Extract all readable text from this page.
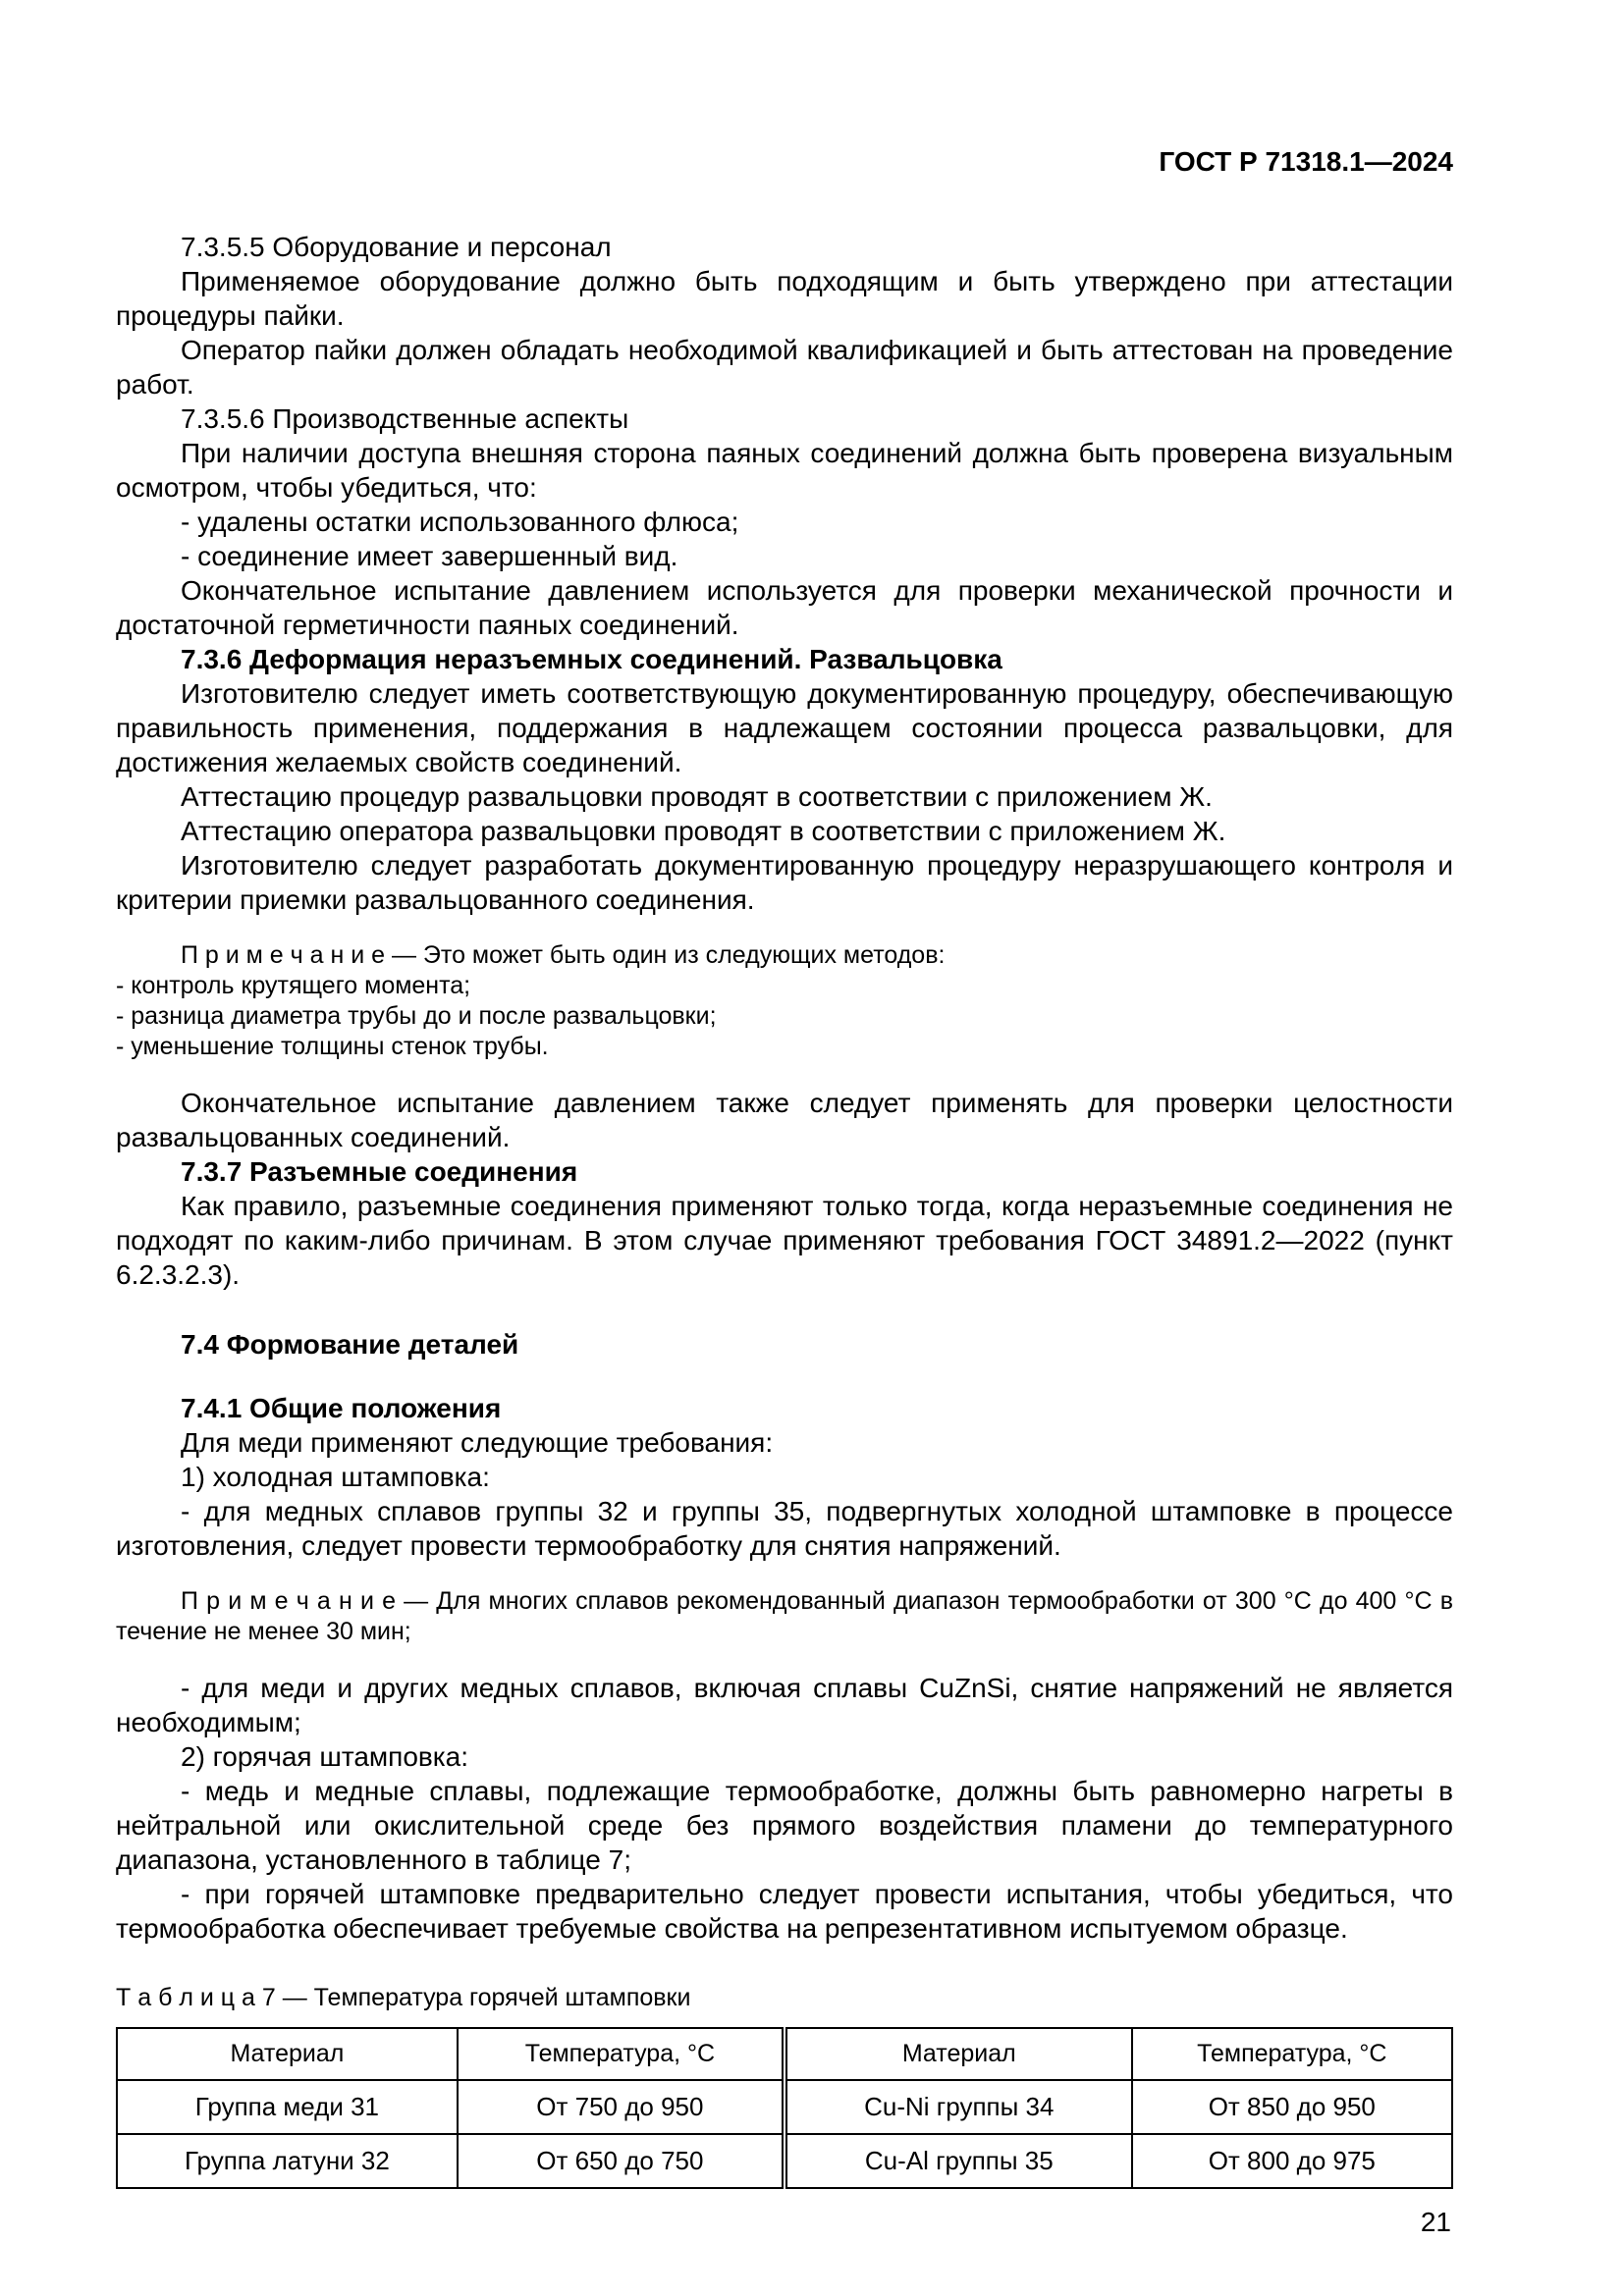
ГОСТ Р 71318.1—2024

7.3.5.5 Оборудование и персонал

Применяемое оборудование должно быть подходящим и быть утверждено при аттестации процедуры пайки.

Оператор пайки должен обладать необходимой квалификацией и быть аттестован на проведение работ.

7.3.5.6 Производственные аспекты

При наличии доступа внешняя сторона паяных соединений должна быть проверена визуальным осмотром, чтобы убедиться, что:

- удалены остатки использованного флюса;

- соединение имеет завершенный вид.

Окончательное испытание давлением используется для проверки механической прочности и достаточной герметичности паяных соединений.

7.3.6 Деформация неразъемных соединений. Развальцовка

Изготовителю следует иметь соответствующую документированную процедуру, обеспечивающую правильность применения, поддержания в надлежащем состоянии процесса развальцовки, для достижения желаемых свойств соединений.

Аттестацию процедур развальцовки проводят в соответствии с приложением Ж.

Аттестацию оператора развальцовки проводят в соответствии с приложением Ж.

Изготовителю следует разработать документированную процедуру неразрушающего контроля и критерии приемки развальцованного соединения.

П р и м е ч а н и е — Это может быть один из следующих методов:

- контроль крутящего момента;

- разница диаметра трубы до и после развальцовки;

- уменьшение толщины стенок трубы.

Окончательное испытание давлением также следует применять для проверки целостности развальцованных соединений.

7.3.7 Разъемные соединения

Как правило, разъемные соединения применяют только тогда, когда неразъемные соединения не подходят по каким-либо причинам. В этом случае применяют требования ГОСТ 34891.2—2022 (пункт 6.2.3.2.3).

7.4 Формование деталей

7.4.1 Общие положения

Для меди применяют следующие требования:

1) холодная штамповка:

- для медных сплавов группы 32 и группы 35, подвергнутых холодной штамповке в процессе изготовления, следует провести термообработку для снятия напряжений.

П р и м е ч а н и е — Для многих сплавов рекомендованный диапазон термообработки от 300 °С до 400 °С в течение не менее 30 мин;

- для меди и других медных сплавов, включая сплавы CuZnSi, снятие напряжений не является необходимым;

2) горячая штамповка:

- медь и медные сплавы, подлежащие термообработке, должны быть равномерно нагреты в нейтральной или окислительной среде без прямого воздействия пламени до температурного диапазона, установленного в таблице 7;

- при горячей штамповке предварительно следует провести испытания, чтобы убедиться, что термообработка обеспечивает требуемые свойства на репрезентативном испытуемом образце.

Т а б л и ц а 7 — Температура горячей штамповки

Материал	Температура, °С	Материал	Температура, °С
Группа меди 31	От 750 до 950	Cu-Ni группы 34	От 850 до 950
Группа латуни 32	От 650 до 750	Cu-Al группы 35	От 800 до 975
21
